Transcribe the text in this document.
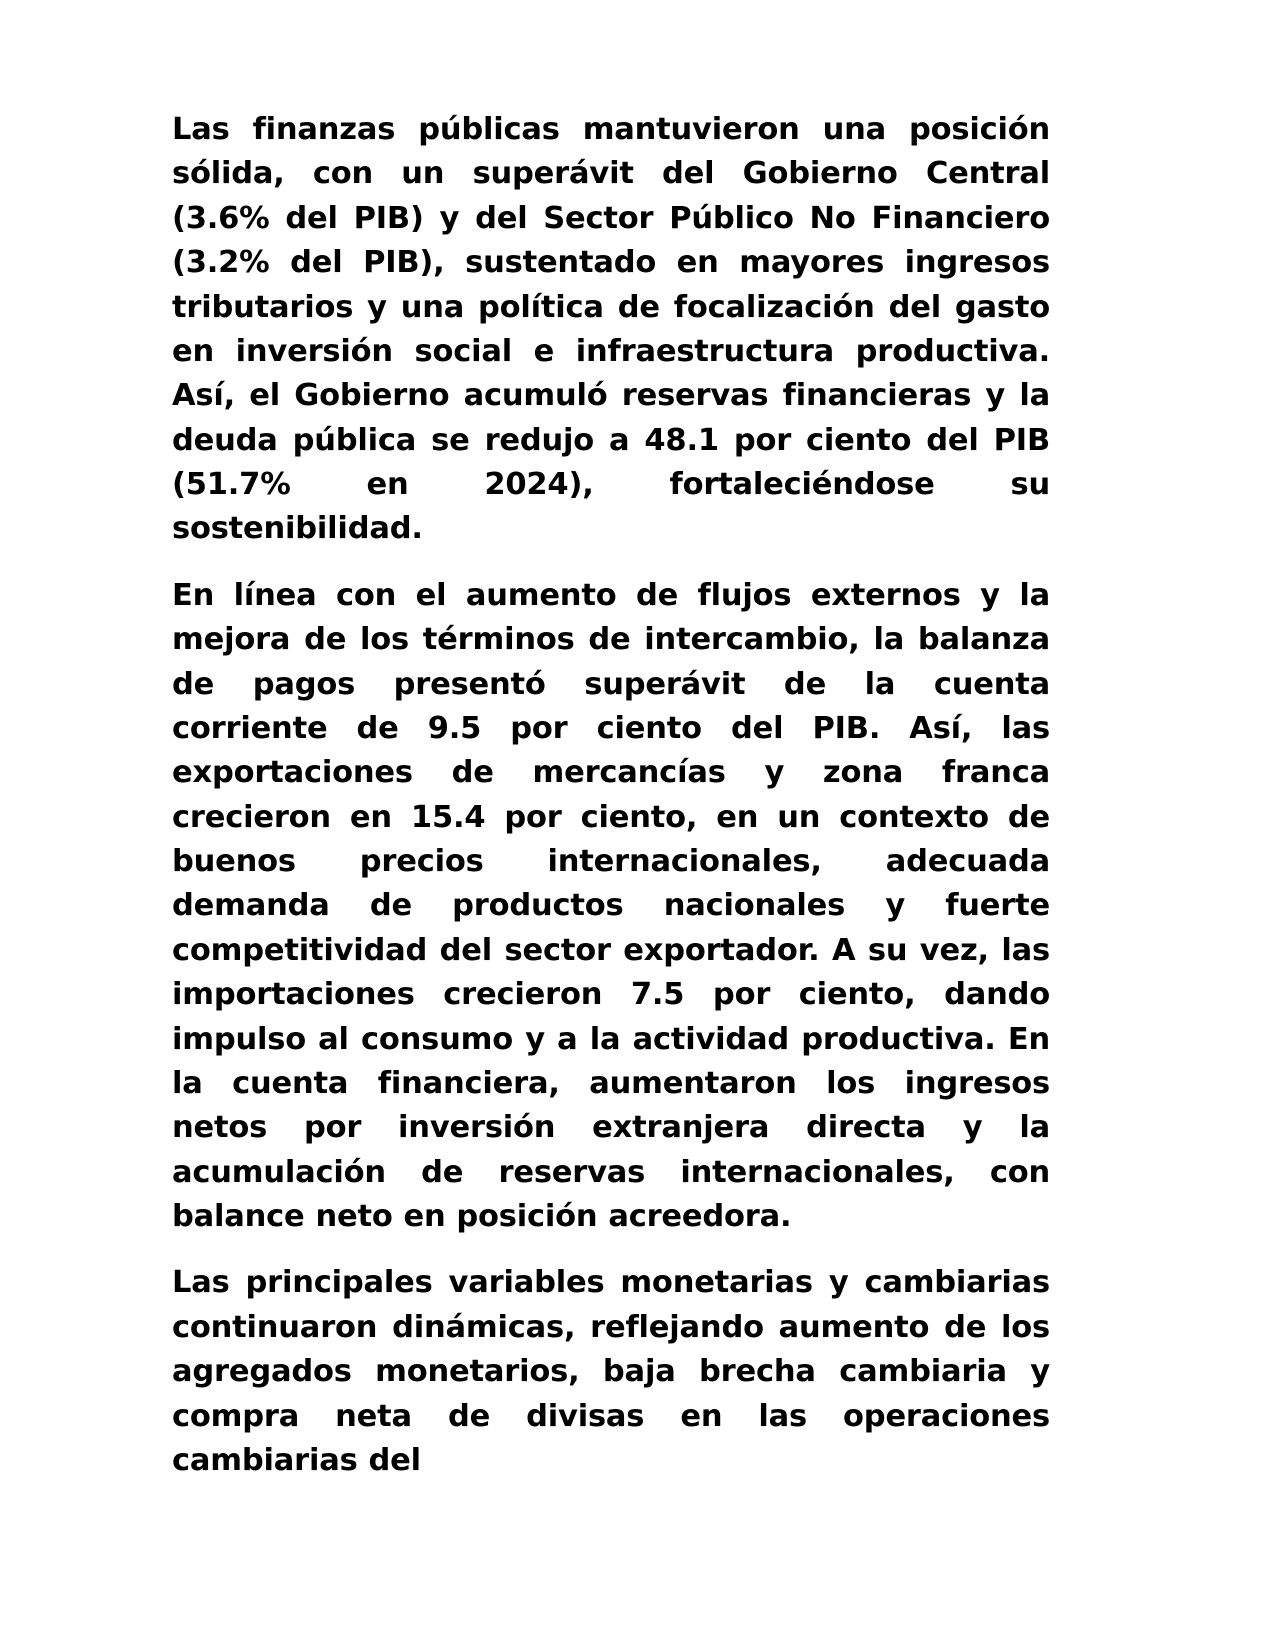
Las finanzas públicas mantuvieron una posición sólida, con un superávit del Gobierno Central (3.6% del PIB) y del Sector Público No Financiero (3.2% del PIB), sustentado en mayores ingresos tributarios y una política de focalización del gasto en inversión social e infraestructura productiva. Así, el Gobierno acumuló reservas financieras y la deuda pública se redujo a 48.1 por ciento del PIB (51.7% en 2024), fortaleciéndose su sostenibilidad.

En línea con el aumento de flujos externos y la mejora de los términos de intercambio, la balanza de pagos presentó superávit de la cuenta corriente de 9.5 por ciento del PIB. Así, las exportaciones de mercancías y zona franca crecieron en 15.4 por ciento, en un contexto de buenos precios internacionales, adecuada demanda de productos nacionales y fuerte competitividad del sector exportador. A su vez, las importaciones crecieron 7.5 por ciento, dando impulso al consumo y a la actividad productiva. En la cuenta financiera, aumentaron los ingresos netos por inversión extranjera directa y la acumulación de reservas internacionales, con balance neto en posición acreedora.

Las principales variables monetarias y cambiarias continuaron dinámicas, reflejando aumento de los agregados monetarios, baja brecha cambiaria y compra neta de divisas en las operaciones cambiarias del
